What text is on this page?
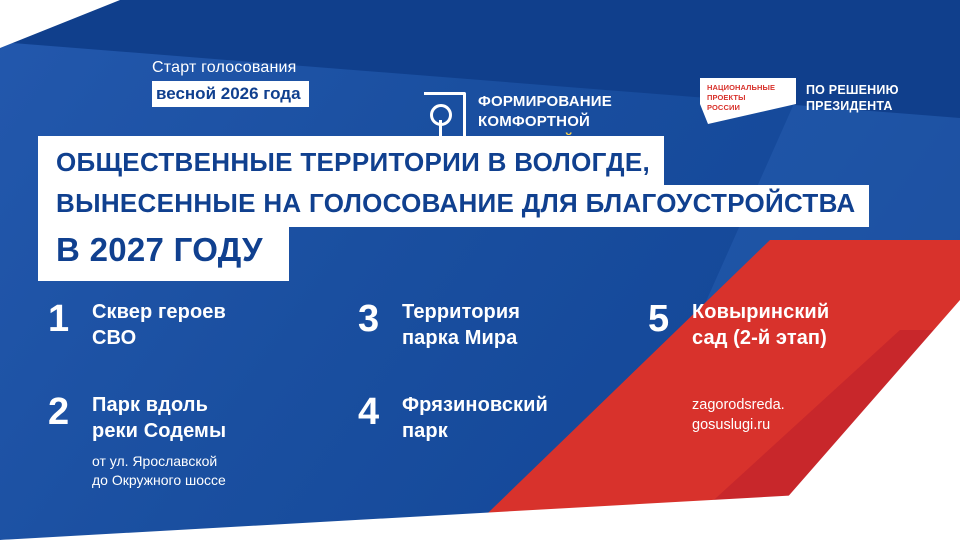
Старт голосования
весной 2026 года	ФОРМИРОВАНИЕ
КОМФОРТНОЙ
НАЦИОНАЛЬНЫЕ
ПРОЕКТЫ
РОССИИ
ПО РЕШЕНИЮ
ПРЕЗИДЕНТА
ОБЩЕСТВЕННЫЕ ТЕРРИТОРИИ В ВОЛОГДЕ,
ВЫНЕСЕННЫЕ НА ГОЛОСОВАНИЕ ДЛЯ БЛАГОУСТРОЙСТВА
В 2027 ГОДУ
1 Сквер героев
СВО
2 Парк вдоль
реки Содемы
от ул. Ярославской
до Окружного шоссе
3 Территория
парка Мира
4 Фрязиновский
парк
5 Ковыринский
сад (2-й этап)
zagorodsreda.
gosuslugi.ru
